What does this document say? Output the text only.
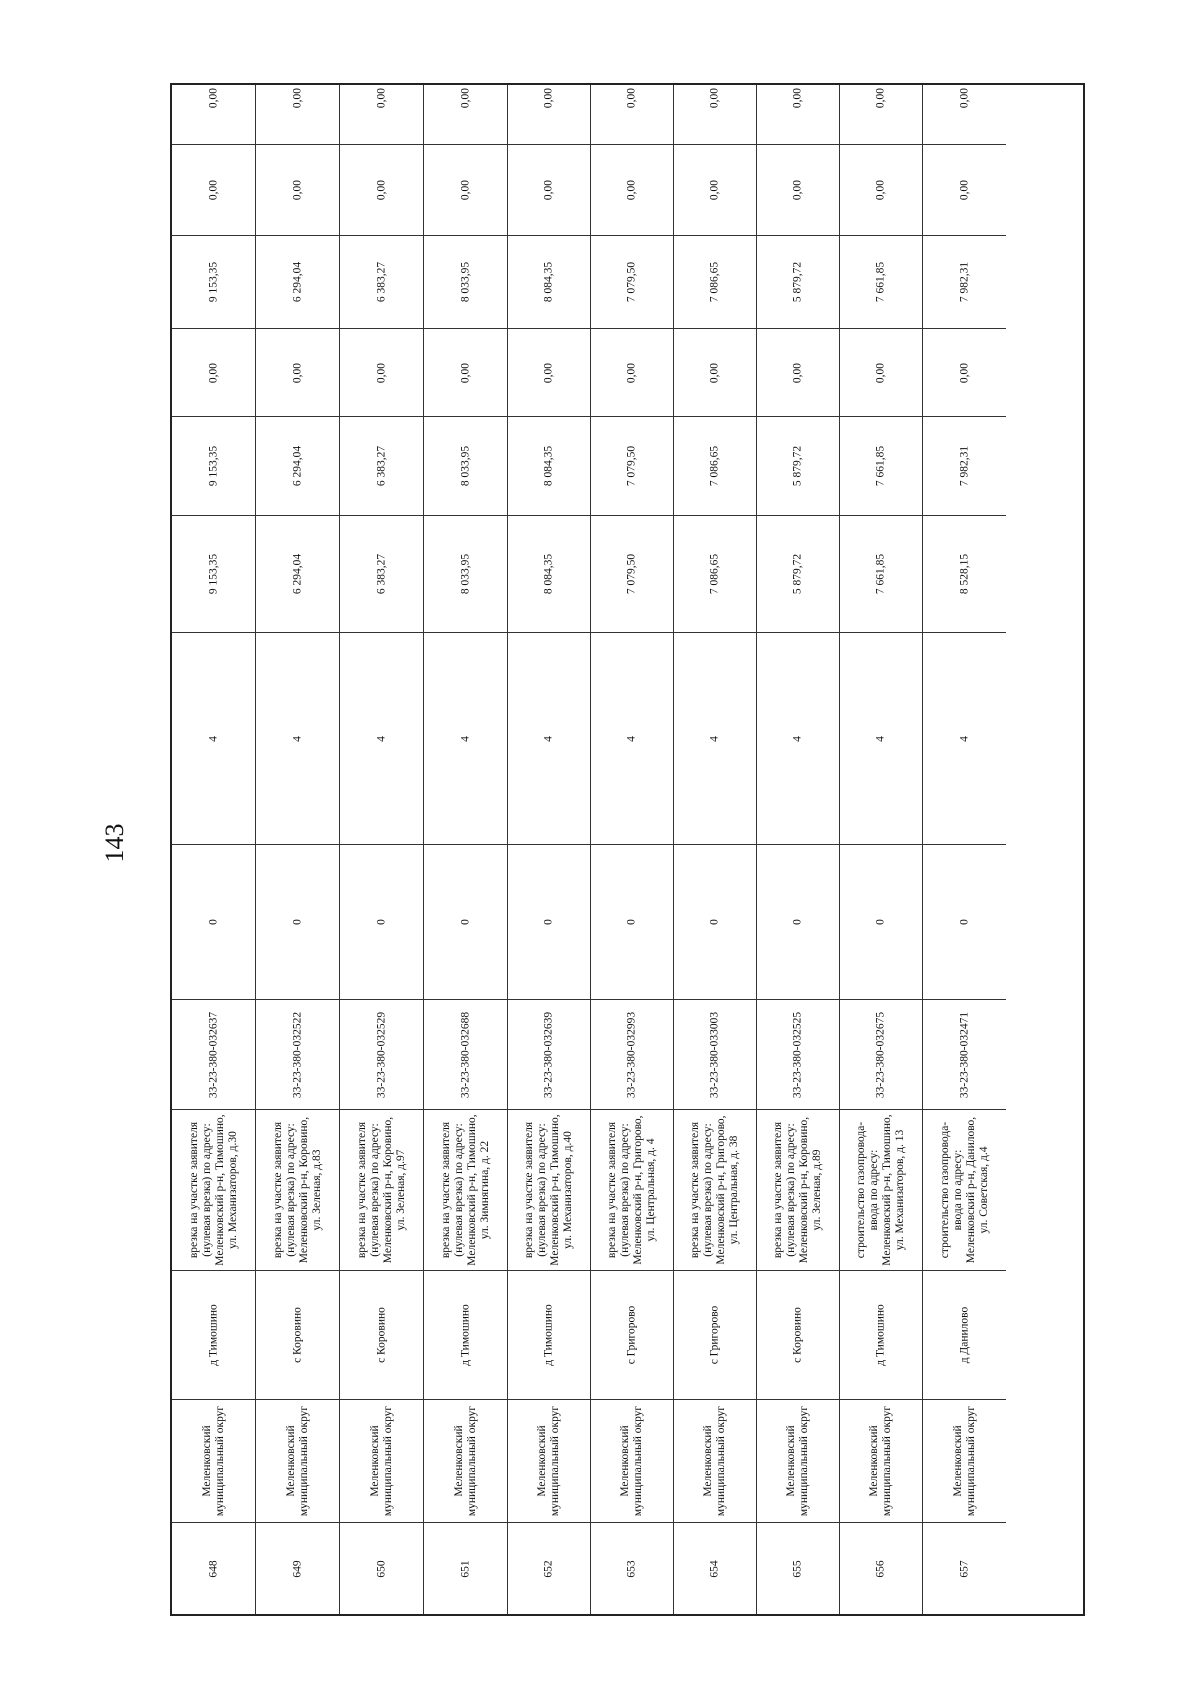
143
648
Меленковский муниципальный округ
д Тимошино
врезка на участке заявителя (нулевая врезка) по адресу: Меленковский р-н, Тимошино, ул. Механизаторов, д.30
33-23-380-032637
0
4
9 153,35
9 153,35
0,00
9 153,35
0,00
0,00
649
Меленковский муниципальный округ
с Коровино
врезка на участке заявителя (нулевая врезка) по адресу: Меленковский р-н, Коровино, ул. Зеленая, д.83
33-23-380-032522
0
4
6 294,04
6 294,04
0,00
6 294,04
0,00
0,00
650
Меленковский муниципальный округ
с Коровино
врезка на участке заявителя (нулевая врезка) по адресу: Меленковский р-н, Коровино, ул. Зеленая, д.97
33-23-380-032529
0
4
6 383,27
6 383,27
0,00
6 383,27
0,00
0,00
651
Меленковский муниципальный округ
д Тимошино
врезка на участке заявителя (нулевая врезка) по адресу: Меленковский р-н, Тимошино, ул. Зимнягина, д. 22
33-23-380-032688
0
4
8 033,95
8 033,95
0,00
8 033,95
0,00
0,00
652
Меленковский муниципальный округ
д Тимошино
врезка на участке заявителя (нулевая врезка) по адресу: Меленковский р-н, Тимошино, ул. Механизаторов, д.40
33-23-380-032639
0
4
8 084,35
8 084,35
0,00
8 084,35
0,00
0,00
653
Меленковский муниципальный округ
с Григорово
врезка на участке заявителя (нулевая врезка) по адресу: Меленковский р-н, Григорово, ул. Центральная, д. 4
33-23-380-032993
0
4
7 079,50
7 079,50
0,00
7 079,50
0,00
0,00
654
Меленковский муниципальный округ
с Григорово
врезка на участке заявителя (нулевая врезка) по адресу: Меленковский р-н, Григорово, ул. Центральная, д. 38
33-23-380-033003
0
4
7 086,65
7 086,65
0,00
7 086,65
0,00
0,00
655
Меленковский муниципальный округ
с Коровино
врезка на участке заявителя (нулевая врезка) по адресу: Меленковский р-н, Коровино, ул. Зеленая, д.89
33-23-380-032525
0
4
5 879,72
5 879,72
0,00
5 879,72
0,00
0,00
656
Меленковский муниципальный округ
д Тимошино
строительство газопровода-ввода по адресу: Меленковский р-н, Тимошино, ул. Механизаторов, д. 13
33-23-380-032675
0
4
7 661,85
7 661,85
0,00
7 661,85
0,00
0,00
657
Меленковский муниципальный округ
д Данилово
строительство газопровода-ввода по адресу: Меленковский р-н, Данилово, ул. Советская, д.4
33-23-380-032471
0
4
8 528,15
7 982,31
0,00
7 982,31
0,00
0,00
